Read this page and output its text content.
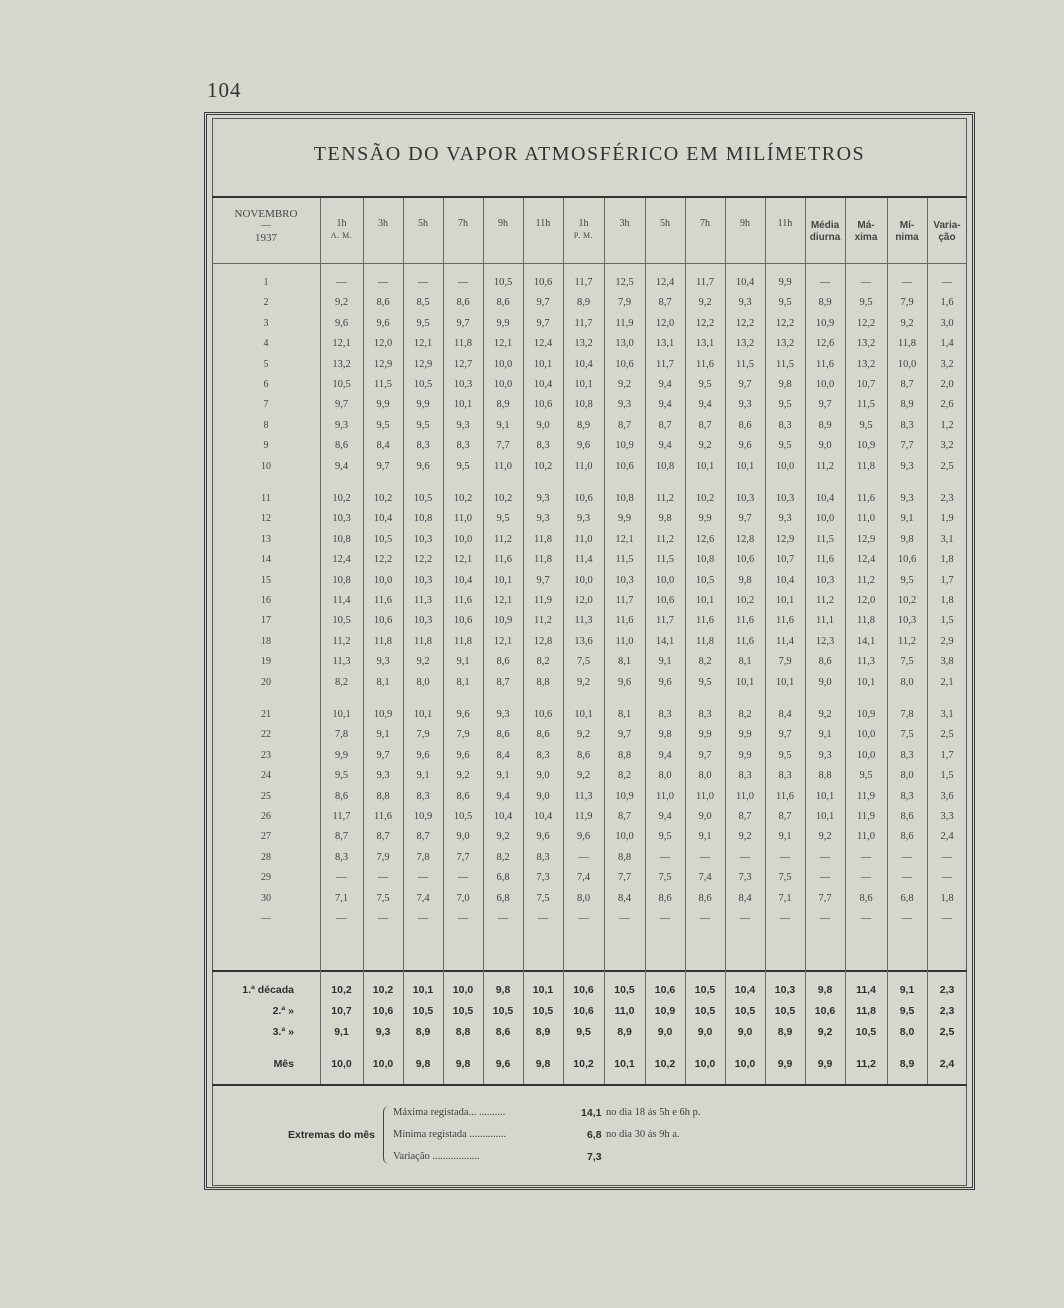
104
TENSÃO DO VAPOR ATMOSFÉRICO EM MILÍMETROS
NOVEMBRO
—
1937
1h
A. M.
3h	5h	7h	9h	11h	1h
P. M.
3h	5h	7h	9h	11h	Média
diurna
Má-
xima
Mí-
nima
Varia-
ção
1	—	—	—	—	10,5	10,6	11,7	12,5	12,4	11,7	10,4	9,9	—	—	—	—
2	9,2	8,6	8,5	8,6	8,6	9,7	8,9	7,9	8,7	9,2	9,3	9,5	8,9	9,5	7,9	1,6
3	9,6	9,6	9,5	9,7	9,9	9,7	11,7	11,9	12,0	12,2	12,2	12,2	10,9	12,2	9,2	3,0
4	12,1	12,0	12,1	11,8	12,1	12,4	13,2	13,0	13,1	13,1	13,2	13,2	12,6	13,2	11,8	1,4
5	13,2	12,9	12,9	12,7	10,0	10,1	10,4	10,6	11,7	11,6	11,5	11,5	11,6	13,2	10,0	3,2
6	10,5	11,5	10,5	10,3	10,0	10,4	10,1	9,2	9,4	9,5	9,7	9,8	10,0	10,7	8,7	2,0
7	9,7	9,9	9,9	10,1	8,9	10,6	10,8	9,3	9,4	9,4	9,3	9,5	9,7	11,5	8,9	2,6
8	9,3	9,5	9,5	9,3	9,1	9,0	8,9	8,7	8,7	8,7	8,6	8,3	8,9	9,5	8,3	1,2
9	8,6	8,4	8,3	8,3	7,7	8,3	9,6	10,9	9,4	9,2	9,6	9,5	9,0	10,9	7,7	3,2
10	9,4	9,7	9,6	9,5	11,0	10,2	11,0	10,6	10,8	10,1	10,1	10,0	11,2	11,8	9,3	2,5
11	10,2	10,2	10,5	10,2	10,2	9,3	10,6	10,8	11,2	10,2	10,3	10,3	10,4	11,6	9,3	2,3
12	10,3	10,4	10,8	11,0	9,5	9,3	9,3	9,9	9,8	9,9	9,7	9,3	10,0	11,0	9,1	1,9
13	10,8	10,5	10,3	10,0	11,2	11,8	11,0	12,1	11,2	12,6	12,8	12,9	11,5	12,9	9,8	3,1
14	12,4	12,2	12,2	12,1	11,6	11,8	11,4	11,5	11,5	10,8	10,6	10,7	11,6	12,4	10,6	1,8
15	10,8	10,0	10,3	10,4	10,1	9,7	10,0	10,3	10,0	10,5	9,8	10,4	10,3	11,2	9,5	1,7
16	11,4	11,6	11,3	11,6	12,1	11,9	12,0	11,7	10,6	10,1	10,2	10,1	11,2	12,0	10,2	1,8
17	10,5	10,6	10,3	10,6	10,9	11,2	11,3	11,6	11,7	11,6	11,6	11,6	11,1	11,8	10,3	1,5
18	11,2	11,8	11,8	11,8	12,1	12,8	13,6	11,0	14,1	11,8	11,6	11,4	12,3	14,1	11,2	2,9
19	11,3	9,3	9,2	9,1	8,6	8,2	7,5	8,1	9,1	8,2	8,1	7,9	8,6	11,3	7,5	3,8
20	8,2	8,1	8,0	8,1	8,7	8,8	9,2	9,6	9,6	9,5	10,1	10,1	9,0	10,1	8,0	2,1
21	10,1	10,9	10,1	9,6	9,3	10,6	10,1	8,1	8,3	8,3	8,2	8,4	9,2	10,9	7,8	3,1
22	7,8	9,1	7,9	7,9	8,6	8,6	9,2	9,7	9,8	9,9	9,9	9,7	9,1	10,0	7,5	2,5
23	9,9	9,7	9,6	9,6	8,4	8,3	8,6	8,8	9,4	9,7	9,9	9,5	9,3	10,0	8,3	1,7
24	9,5	9,3	9,1	9,2	9,1	9,0	9,2	8,2	8,0	8,0	8,3	8,3	8,8	9,5	8,0	1,5
25	8,6	8,8	8,3	8,6	9,4	9,0	11,3	10,9	11,0	11,0	11,0	11,6	10,1	11,9	8,3	3,6
26	11,7	11,6	10,9	10,5	10,4	10,4	11,9	8,7	9,4	9,0	8,7	8,7	10,1	11,9	8,6	3,3
27	8,7	8,7	8,7	9,0	9,2	9,6	9,6	10,0	9,5	9,1	9,2	9,1	9,2	11,0	8,6	2,4
28	8,3	7,9	7,8	7,7	8,2	8,3	—	8,8	—	—	—	—	—	—	—	—
29	—	—	—	—	6,8	7,3	7,4	7,7	7,5	7,4	7,3	7,5	—	—	—	—
30	7,1	7,5	7,4	7,0	6,8	7,5	8,0	8,4	8,6	8,6	8,4	7,1	7,7	8,6	6,8	1,8
—	—	—	—	—	—	—	—	—	—	—	—	—	—	—	—	—
1.ª década	10,2	10,2	10,1	10,0	9,8	10,1	10,6	10,5	10,6	10,5	10,4	10,3	9,8	11,4	9,1	2,3
2.ª »	10,7	10,6	10,5	10,5	10,5	10,5	10,6	11,0	10,9	10,5	10,5	10,5	10,6	11,8	9,5	2,3
3.ª »	9,1	9,3	8,9	8,8	8,6	8,9	9,5	8,9	9,0	9,0	9,0	8,9	9,2	10,5	8,0	2,5
Mês	10,0	10,0	9,8	9,8	9,6	9,8	10,2	10,1	10,2	10,0	10,0	9,9	9,9	11,2	8,9	2,4
Extremas do mês
Máxima registada... ..........	14,1 no dia 18 ás 5h e 6h p.
Mínima registada ..............	6,8 no dia 30 ás 9h a.
Variação ..................	7,3
